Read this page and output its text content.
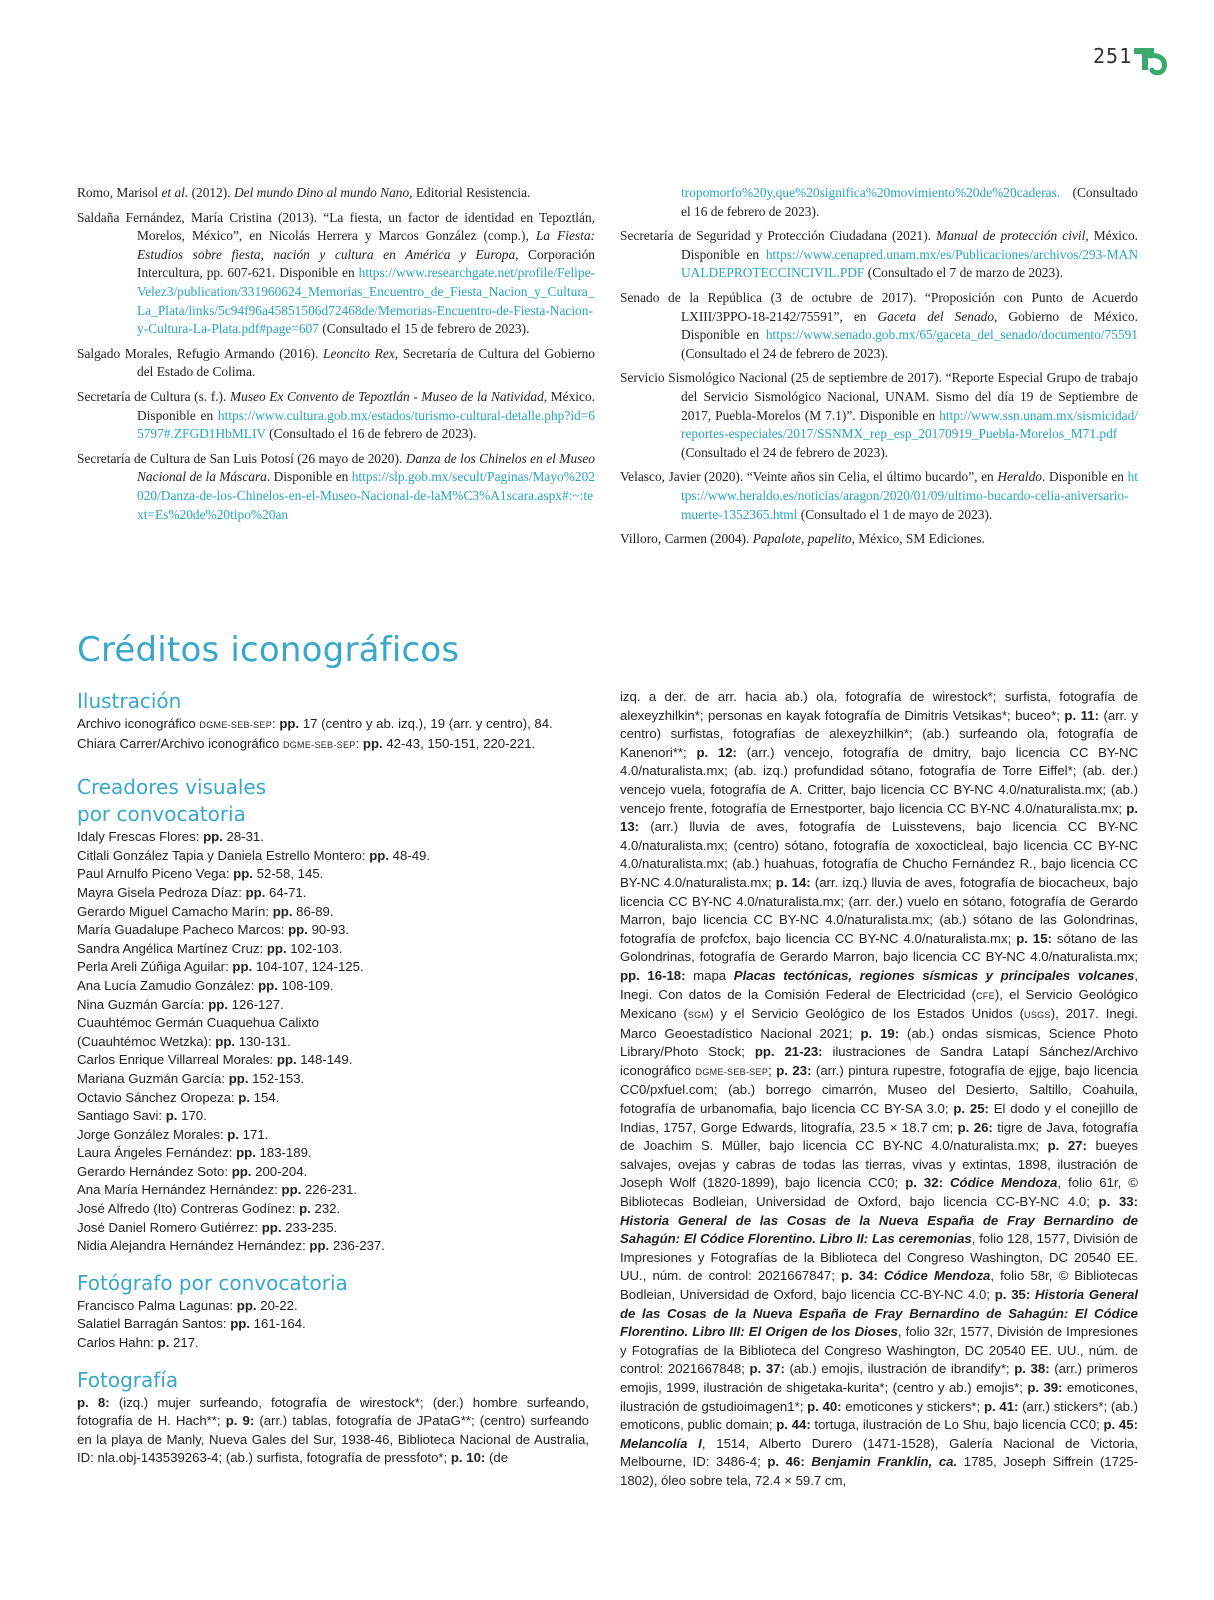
251

Romo, Marisol et al. (2012). Del mundo Dino al mundo Nano, Editorial Resistencia.

Saldaña Fernández, María Cristina (2013). “La fiesta, un factor de identidad en Tepoztlán, Morelos, México”, en Nicolás Herrera y Marcos González (comp.), La Fiesta: Estudios sobre fiesta, nación y cultura en América y Europa, Corporación Intercultura, pp. 607-621. Disponible en https://www.researchgate.net/profile/Felipe-Velez3/publication/331960624_Memorias_Encuentro_de_Fiesta_Nacion_y_Cultura_La_Plata/links/5c94f96a45851506d72468de/Memorias-Encuentro-de-Fiesta-Nacion-y-Cultura-La-Plata.pdf#page=607 (Consultado el 15 de febrero de 2023).

Salgado Morales, Refugio Armando (2016). Leoncito Rex, Secretaría de Cultura del Gobierno del Estado de Colima.

Secretaría de Cultura (s. f.). Museo Ex Convento de Tepoztlán - Museo de la Natividad, México. Disponible en https://www.cultura.gob.mx/estados/turismo-cultural-detalle.php?id=65797#.ZFGD1HbMLIV (Consultado el 16 de febrero de 2023).

Secretaría de Cultura de San Luis Potosí (26 mayo de 2020). Danza de los Chinelos en el Museo Nacional de la Máscara. Disponible en https://slp.gob.mx/secult/Paginas/Mayo%202020/Danza-de-los-Chinelos-en-el-Museo-Nacional-de-laM%C3%A1scara.aspx#:~:text=Es%20de%20tipo%20an

tropomorfo%20y,que%20significa%20movimiento%20de%20caderas. (Consultado el 16 de febrero de 2023).

Secretaría de Seguridad y Protección Ciudadana (2021). Manual de protección civil, México. Disponible en https://www.cenapred.unam.mx/es/Publicaciones/archivos/293-MANUALDEPROTECCINCIVIL.PDF (Consultado el 7 de marzo de 2023).

Senado de la República (3 de octubre de 2017). “Proposición con Punto de Acuerdo LXIII/3PPO-18-2142/75591”, en Gaceta del Senado, Gobierno de México. Disponible en https://www.senado.gob.mx/65/gaceta_del_senado/documento/75591 (Consultado el 24 de febrero de 2023).

Servicio Sismológico Nacional (25 de septiembre de 2017). “Reporte Especial Grupo de trabajo del Servicio Sismológico Nacional, UNAM. Sismo del día 19 de Septiembre de 2017, Puebla-Morelos (M 7.1)”. Disponible en http://www.ssn.unam.mx/sismicidad/reportes-especiales/2017/SSNMX_rep_esp_20170919_Puebla-Morelos_M71.pdf (Consultado el 24 de febrero de 2023).

Velasco, Javier (2020). “Veinte años sin Celia, el último bucardo”, en Heraldo. Disponible en https://www.heraldo.es/noticias/aragon/2020/01/09/ultimo-bucardo-celia-aniversario-muerte-1352365.html (Consultado el 1 de mayo de 2023).

Villoro, Carmen (2004). Papalote, papelito, México, SM Ediciones.

Créditos iconográficos
Ilustración

Archivo iconográfico DGME-SEB-SEP: pp. 17 (centro y ab. izq.), 19 (arr. y centro), 84. Chiara Carrer/Archivo iconográfico DGME-SEB-SEP: pp. 42-43, 150-151, 220-221.

Creadores visuales
por convocatoria
Idaly Frescas Flores: pp. 28-31.
Citlali González Tapia y Daniela Estrello Montero: pp. 48-49.
Paul Arnulfo Piceno Vega: pp. 52-58, 145.
Mayra Gisela Pedroza Díaz: pp. 64-71.
Gerardo Miguel Camacho Marín: pp. 86-89.
María Guadalupe Pacheco Marcos: pp. 90-93.
Sandra Angélica Martínez Cruz: pp. 102-103.
Perla Areli Zúñiga Aguilar: pp. 104-107, 124-125.
Ana Lucía Zamudio González: pp. 108-109.
Nina Guzmán García: pp. 126-127.
Cuauhtémoc Germán Cuaquehua Calixto
(Cuauhtémoc Wetzka): pp. 130-131.
Carlos Enrique Villarreal Morales: pp. 148-149.
Mariana Guzmán García: pp. 152-153.
Octavio Sánchez Oropeza: p. 154.
Santiago Savi: p. 170.
Jorge González Morales: p. 171.
Laura Ángeles Fernández: pp. 183-189.
Gerardo Hernández Soto: pp. 200-204.
Ana María Hernández Hernández: pp. 226-231.
José Alfredo (Ito) Contreras Godínez: p. 232.
José Daniel Romero Gutiérrez: pp. 233-235.
Nidia Alejandra Hernández Hernández: pp. 236-237.
Fotógrafo por convocatoria
Francisco Palma Lagunas: pp. 20-22.
Salatiel Barragán Santos: pp. 161-164.
Carlos Hahn: p. 217.
Fotografía

p. 8: (izq.) mujer surfeando, fotografía de wirestock*; (der.) hombre surfeando, fotografía de H. Hach**; p. 9: (arr.) tablas, fotografía de JPataG**; (centro) surfeando en la playa de Manly, Nueva Gales del Sur, 1938-46, Biblioteca Nacional de Australia, ID: nla.obj-143539263-4; (ab.) surfista, fotografía de pressfoto*; p. 10: (de

izq. a der. de arr. hacia ab.) ola, fotografía de wirestock*; surfista, fotografía de alexeyzhilkin*; personas en kayak fotografía de Dimitris Vetsikas*; buceo*; p. 11: (arr. y centro) surfistas, fotografías de alexeyzhilkin*; (ab.) surfeando ola, fotografía de Kanenori**; p. 12: (arr.) vencejo, fotografía de dmitry, bajo licencia CC BY-NC 4.0/naturalista.mx; (ab. izq.) profundidad sótano, fotografía de Torre Eiffel*; (ab. der.) vencejo vuela, fotografía de A. Critter, bajo licencia CC BY-NC 4.0/naturalista.mx; (ab.) vencejo frente, fotografía de Ernestporter, bajo licencia CC BY-NC 4.0/naturalista.mx; p. 13: (arr.) lluvia de aves, fotografía de Luisstevens, bajo licencia CC BY-NC 4.0/naturalista.mx; (centro) sótano, fotografía de xoxocticleal, bajo licencia CC BY-NC 4.0/naturalista.mx; (ab.) huahuas, fotografía de Chucho Fernández R., bajo licencia CC BY-NC 4.0/naturalista.mx; p. 14: (arr. izq.) lluvia de aves, fotografía de biocacheux, bajo licencia CC BY-NC 4.0/naturalista.mx; (arr. der.) vuelo en sótano, fotografía de Gerardo Marron, bajo licencia CC BY-NC 4.0/naturalista.mx; (ab.) sótano de las Golondrinas, fotografía de profcfox, bajo licencia CC BY-NC 4.0/naturalista.mx; p. 15: sótano de las Golondrinas, fotografía de Gerardo Marron, bajo licencia CC BY-NC 4.0/naturalista.mx; pp. 16-18: mapa Placas tectónicas, regiones sísmicas y principales volcanes, Inegi. Con datos de la Comisión Federal de Electricidad (CFE), el Servicio Geológico Mexicano (SGM) y el Servicio Geológico de los Estados Unidos (USGS), 2017. Inegi. Marco Geoestadístico Nacional 2021; p. 19: (ab.) ondas sísmicas, Science Photo Library/Photo Stock; pp. 21-23: ilustraciones de Sandra Latapí Sánchez/Archivo iconográfico DGME-SEB-SEP; p. 23: (arr.) pintura rupestre, fotografía de ejjge, bajo licencia CC0/pxfuel.com; (ab.) borrego cimarrón, Museo del Desierto, Saltillo, Coahuila, fotografía de urbanomafia, bajo licencia CC BY-SA 3.0; p. 25: El dodo y el conejillo de Indias, 1757, Gorge Edwards, litografía, 23.5 × 18.7 cm; p. 26: tigre de Java, fotografía de Joachim S. Müller, bajo licencia CC BY-NC 4.0/naturalista.mx; p. 27: bueyes salvajes, ovejas y cabras de todas las tierras, vivas y extintas, 1898, ilustración de Joseph Wolf (1820-1899), bajo licencia CC0; p. 32: Códice Mendoza, folio 61r, © Bibliotecas Bodleian, Universidad de Oxford, bajo licencia CC-BY-NC 4.0; p. 33: Historia General de las Cosas de la Nueva España de Fray Bernardino de Sahagún: El Códice Florentino. Libro II: Las ceremonias, folio 128, 1577, División de Impresiones y Fotografías de la Biblioteca del Congreso Washington, DC 20540 EE. UU., núm. de control: 2021667847; p. 34: Códice Mendoza, folio 58r, © Bibliotecas Bodleian, Universidad de Oxford, bajo licencia CC-BY-NC 4.0; p. 35: Historia General de las Cosas de la Nueva España de Fray Bernardino de Sahagún: El Códice Florentino. Libro III: El Origen de los Dioses, folio 32r, 1577, División de Impresiones y Fotografías de la Biblioteca del Congreso Washington, DC 20540 EE. UU., núm. de control: 2021667848; p. 37: (ab.) emojis, ilustración de ibrandify*; p. 38: (arr.) primeros emojis, 1999, ilustración de shigetaka-kurita*; (centro y ab.) emojis*; p. 39: emoticones, ilustración de gstudioimagen1*; p. 40: emoticones y stickers*; p. 41: (arr.) stickers*; (ab.) emoticons, public domain; p. 44: tortuga, ilustración de Lo Shu, bajo licencia CC0; p. 45: Melancolía I, 1514, Alberto Durero (1471-1528), Galería Nacional de Victoria, Melbourne, ID: 3486-4; p. 46: Benjamin Franklin, ca. 1785, Joseph Siffrein (1725-1802), óleo sobre tela, 72.4 × 59.7 cm,
